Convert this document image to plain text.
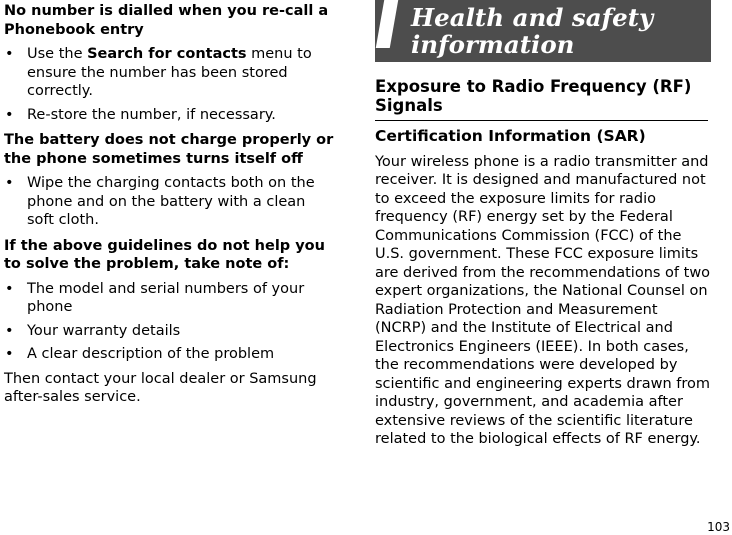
No number is dialled when you re-call a Phonebook entry
• Use the Search for contacts menu to ensure the number has been stored correctly.
• Re-store the number, if necessary.
The battery does not charge properly or the phone sometimes turns itself off
• Wipe the charging contacts both on the phone and on the battery with a clean soft cloth.
If the above guidelines do not help you to solve the problem, take note of:
• The model and serial numbers of your phone
• Your warranty details
• A clear description of the problem
Then contact your local dealer or Samsung after-sales service.
Health and safety information
Exposure to Radio Frequency (RF) Signals
Certification Information (SAR)
Your wireless phone is a radio transmitter and receiver. It is designed and manufactured not to exceed the exposure limits for radio frequency (RF) energy set by the Federal Communications Commission (FCC) of the U.S. government. These FCC exposure limits are derived from the recommendations of two expert organizations, the National Counsel on Radiation Protection and Measurement (NCRP) and the Institute of Electrical and Electronics Engineers (IEEE). In both cases, the recommendations were developed by scientific and engineering experts drawn from industry, government, and academia after extensive reviews of the scientific literature related to the biological effects of RF energy.
103
